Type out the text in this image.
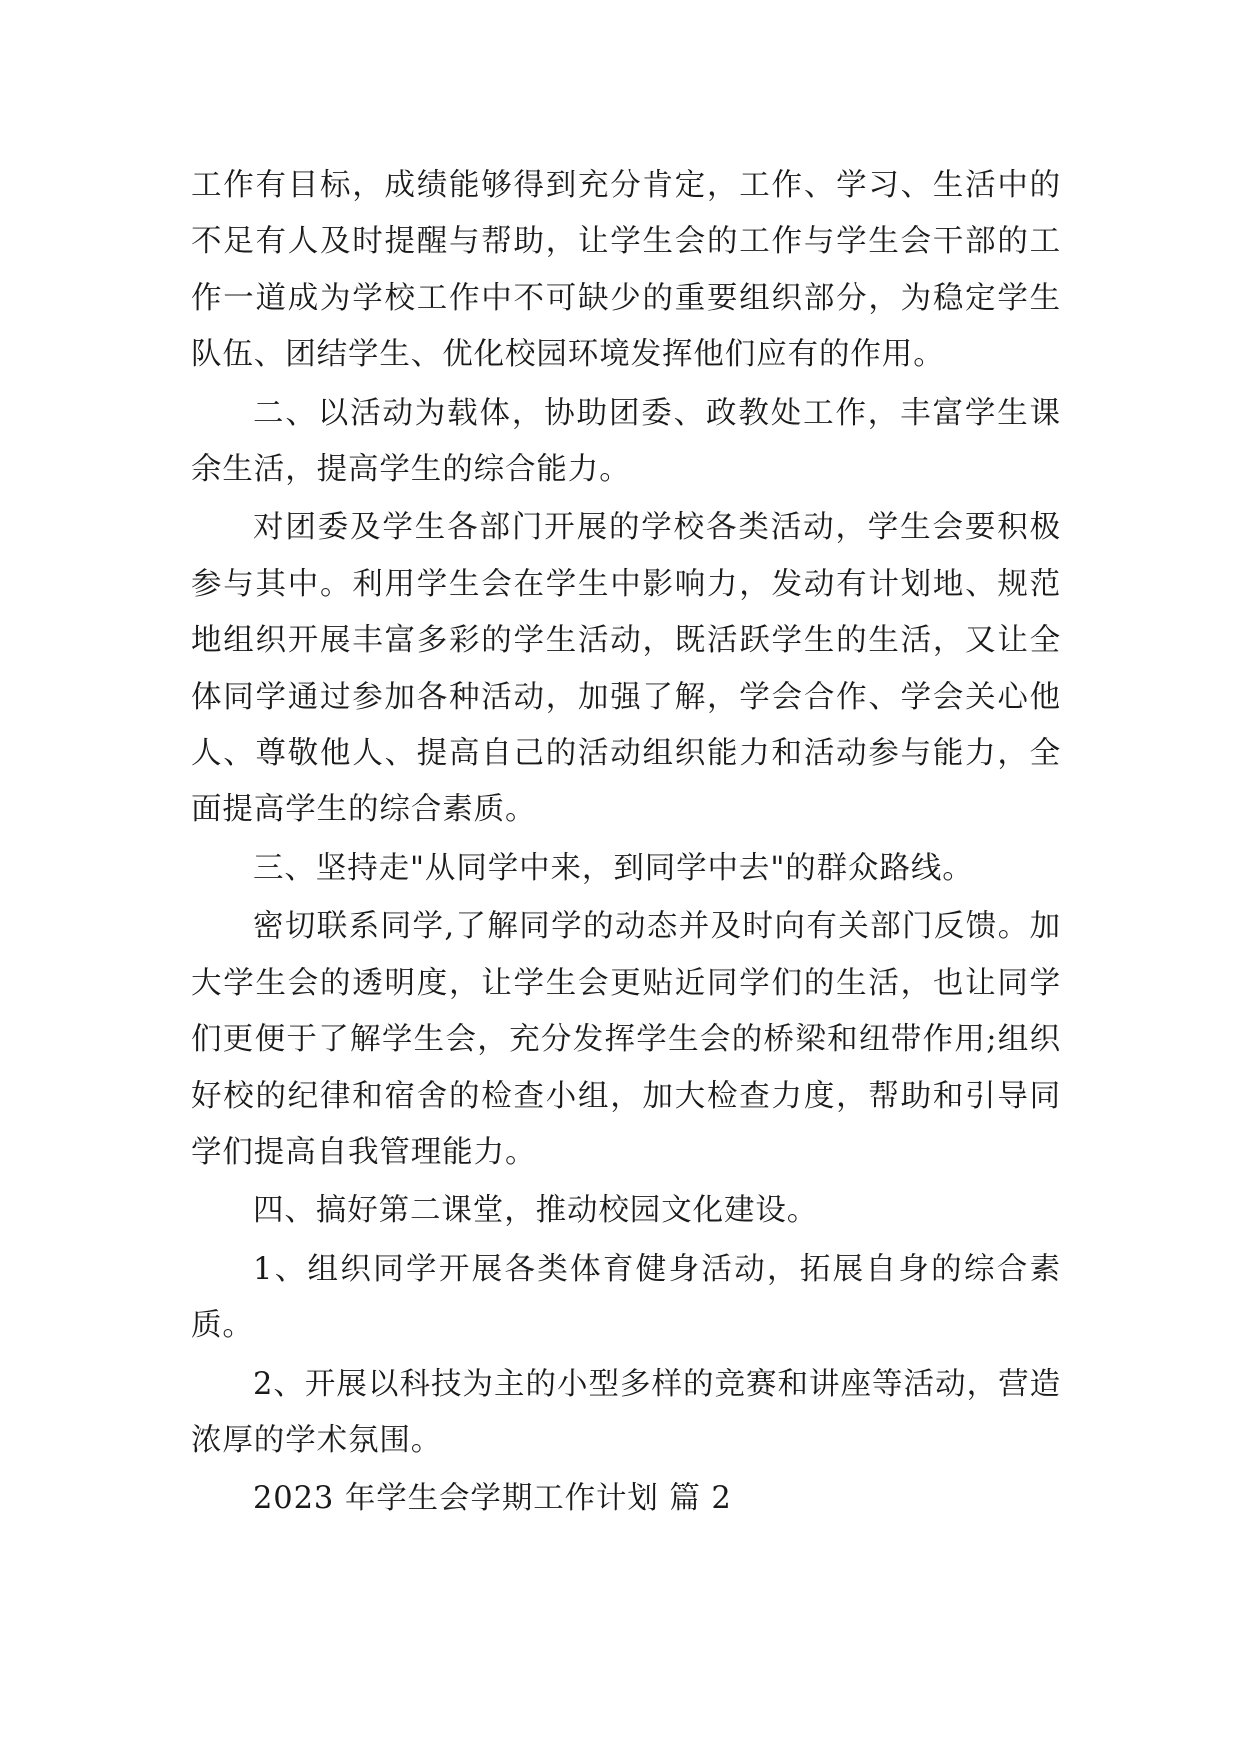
工作有目标，成绩能够得到充分肯定，工作、学习、生活中的不足有人及时提醒与帮助，让学生会的工作与学生会干部的工作一道成为学校工作中不可缺少的重要组织部分，为稳定学生队伍、团结学生、优化校园环境发挥他们应有的作用。

二、以活动为载体，协助团委、政教处工作，丰富学生课余生活，提高学生的综合能力。

对团委及学生各部门开展的学校各类活动，学生会要积极参与其中。利用学生会在学生中影响力，发动有计划地、规范地组织开展丰富多彩的学生活动，既活跃学生的生活，又让全体同学通过参加各种活动，加强了解，学会合作、学会关心他人、尊敬他人、提高自己的活动组织能力和活动参与能力，全面提高学生的综合素质。

三、坚持走"从同学中来，到同学中去"的群众路线。

密切联系同学,了解同学的动态并及时向有关部门反馈。加大学生会的透明度，让学生会更贴近同学们的生活，也让同学们更便于了解学生会，充分发挥学生会的桥梁和纽带作用;组织好校的纪律和宿舍的检查小组，加大检查力度，帮助和引导同学们提高自我管理能力。

四、搞好第二课堂，推动校园文化建设。

1、组织同学开展各类体育健身活动，拓展自身的综合素质。

2、开展以科技为主的小型多样的竞赛和讲座等活动，营造浓厚的学术氛围。

2023 年学生会学期工作计划 篇 2
